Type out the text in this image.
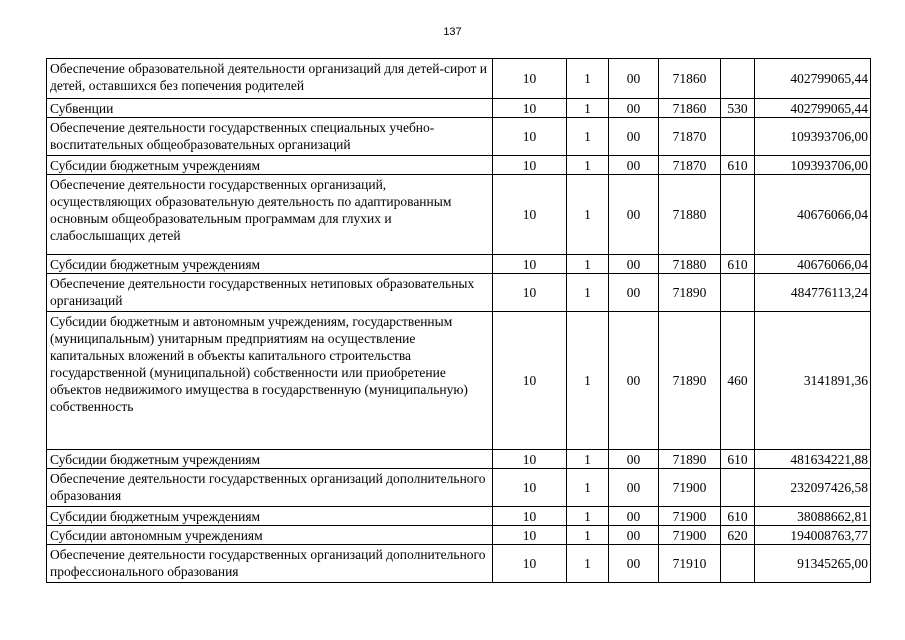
137
Обеспечение образовательной деятельности организаций для детей-сирот и детей, оставшихся без попечения родителей	10	1	00	71860		402799065,44
Субвенции	10	1	00	71860	530	402799065,44
Обеспечение деятельности государственных специальных учебно-воспитательных общеобразовательных организаций	10	1	00	71870		109393706,00
Субсидии бюджетным учреждениям	10	1	00	71870	610	109393706,00
Обеспечение деятельности государственных организаций, осуществляющих образовательную деятельность по адаптированным основным общеобразовательным программам для глухих и слабослышащих детей	10	1	00	71880		40676066,04
Субсидии бюджетным учреждениям	10	1	00	71880	610	40676066,04
Обеспечение деятельности государственных нетиповых образовательных организаций	10	1	00	71890		484776113,24
Субсидии бюджетным и автономным учреждениям, государственным (муниципальным) унитарным предприятиям на осуществление капитальных вложений в объекты капитального строительства государственной (муниципальной) собственности или приобретение объектов недвижимого имущества в государственную (муниципальную) собственность	10	1	00	71890	460	3141891,36
Субсидии бюджетным учреждениям	10	1	00	71890	610	481634221,88
Обеспечение деятельности государственных организаций дополнительного образования	10	1	00	71900		232097426,58
Субсидии бюджетным учреждениям	10	1	00	71900	610	38088662,81
Субсидии автономным учреждениям	10	1	00	71900	620	194008763,77
Обеспечение деятельности государственных организаций дополнительного профессионального образования	10	1	00	71910		91345265,00
